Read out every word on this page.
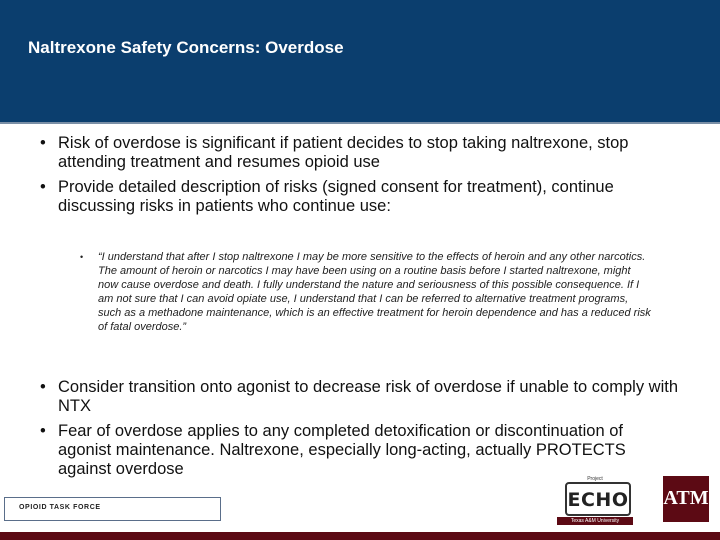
Naltrexone Safety Concerns: Overdose
• Risk of overdose is significant if patient decides to stop taking naltrexone, stop attending treatment and resumes opioid use
• Provide detailed description of risks (signed consent for treatment), continue discussing risks in patients who continue use:
• “I understand that after I stop naltrexone I may be more sensitive to the effects of heroin and any other narcotics. The amount of heroin or narcotics I may have been using on a routine basis before I started naltrexone, might now cause overdose and death. I fully understand the nature and seriousness of this possible consequence. If I am not sure that I can avoid opiate use, I understand that I can be referred to alternative treatment programs, such as a methadone maintenance, which is an effective treatment for heroin dependence and has a reduced risk of fatal overdose.”
• Consider transition onto agonist to decrease risk of overdose if unable to comply with NTX
• Fear of overdose applies to any completed detoxification or discontinuation of agonist maintenance. Naltrexone, especially long-acting, actually PROTECTS against overdose
OPIOID TASK FORCE
Project
ECHO
Texas A&M University
ATM
